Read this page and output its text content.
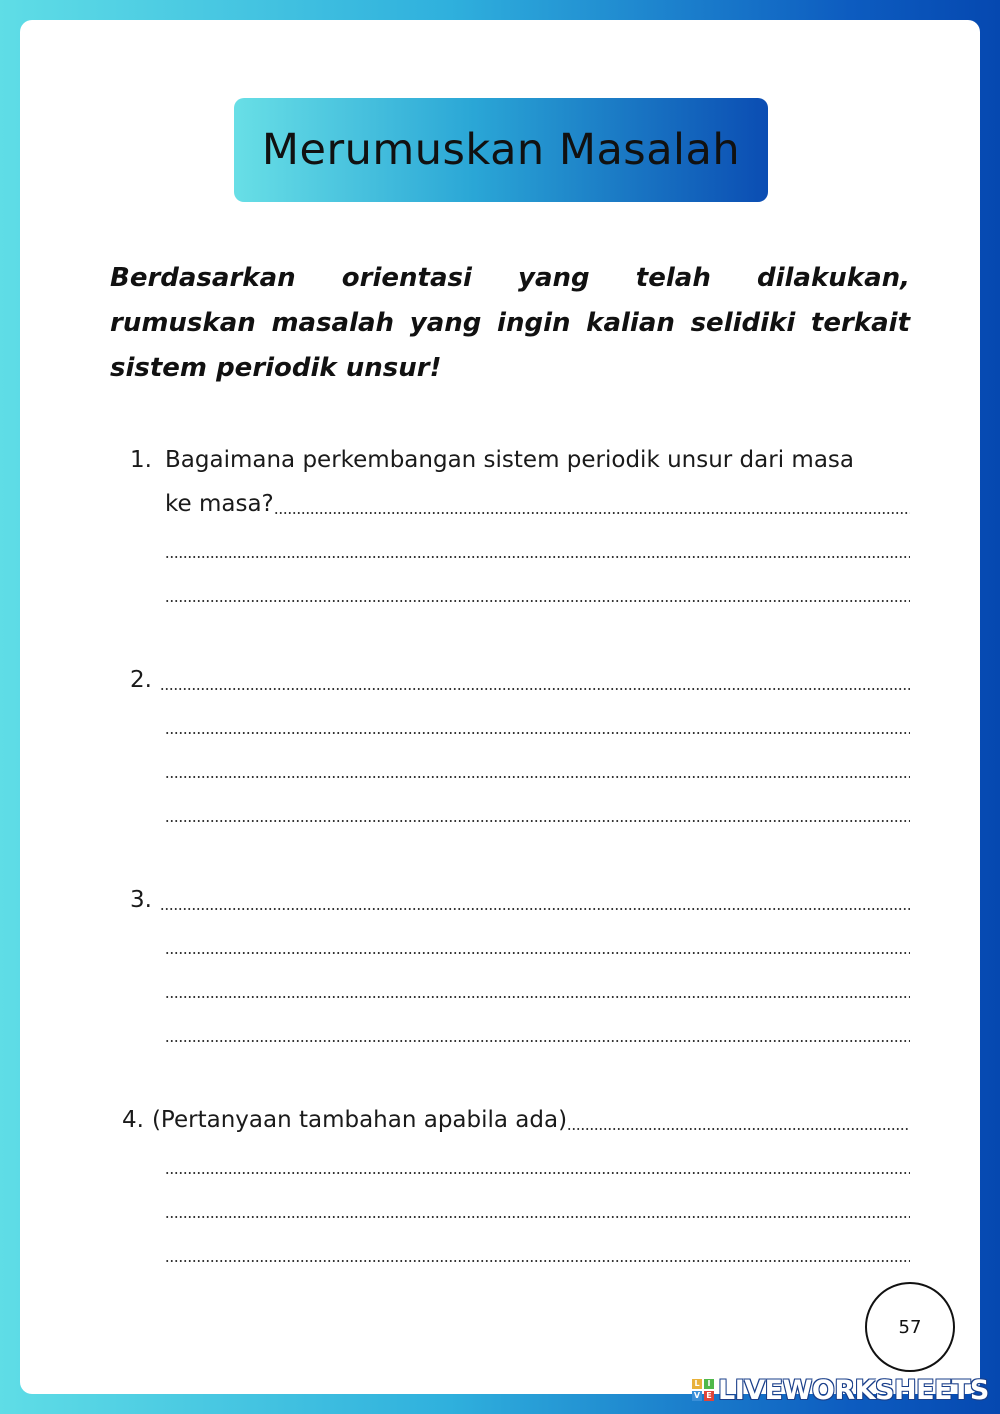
Merumuskan Masalah

Berdasarkan orientasi yang telah dilakukan, rumuskan masalah yang ingin kalian selidiki terkait sistem periodik unsur!

1. Bagaimana perkembangan sistem periodik unsur dari masa
ke masa?
2.
3.
4. (Pertanyaan tambahan apabila ada)
57
L I
V E LIVEWORKSHEETS
